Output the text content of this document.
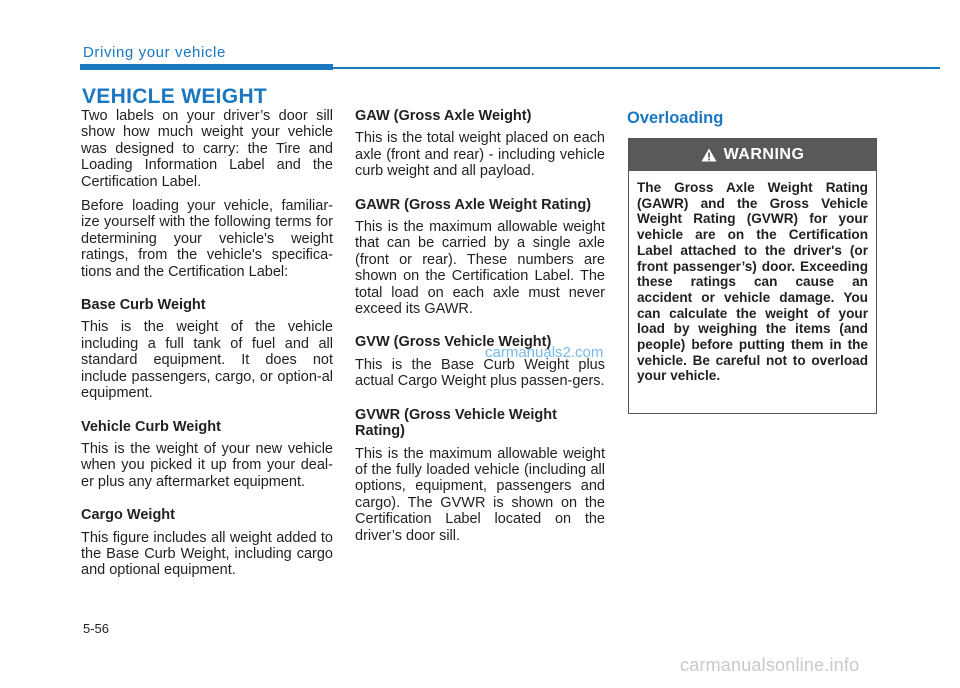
Driving your vehicle
VEHICLE WEIGHT

Two labels on your driver’s door sill show how much weight your vehicle was designed to carry: the Tire and Loading Information Label and the Certification Label.

Before loading your vehicle, familiar-ize yourself with the following terms for determining your vehicle's weight ratings, from the vehicle's specifica-tions and the Certification Label:

Base Curb Weight

This is the weight of the vehicle including a full tank of fuel and all standard equipment. It does not include passengers, cargo, or option-al equipment.

Vehicle Curb Weight

This is the weight of your new vehicle when you picked it up from your deal-er plus any aftermarket equipment.

Cargo Weight

This figure includes all weight added to the Base Curb Weight, including cargo and optional equipment.

GAW (Gross Axle Weight)

This is the total weight placed on each axle (front and rear) - including vehicle curb weight and all payload.

GAWR (Gross Axle Weight Rating)

This is the maximum allowable weight that can be carried by a single axle (front or rear). These numbers are shown on the Certification Label. The total load on each axle must never exceed its GAWR.

GVW (Gross Vehicle Weight)

This is the Base Curb Weight plus actual Cargo Weight plus passen-gers.

GVWR (Gross Vehicle Weight Rating)

This is the maximum allowable weight of the fully loaded vehicle (including all options, equipment, passengers and cargo). The GVWR is shown on the Certification Label located on the driver’s door sill.

Overloading
WARNING
The Gross Axle Weight Rating (GAWR) and the Gross Vehicle Weight Rating (GVWR) for your vehicle are on the Certification Label attached to the driver's (or front passenger’s) door. Exceeding these ratings can cause an accident or vehicle damage. You can calculate the weight of your load by weighing the items (and people) before putting them in the vehicle. Be careful not to overload your vehicle.
carmanuals2.com
5-56
carmanualsonline.info
